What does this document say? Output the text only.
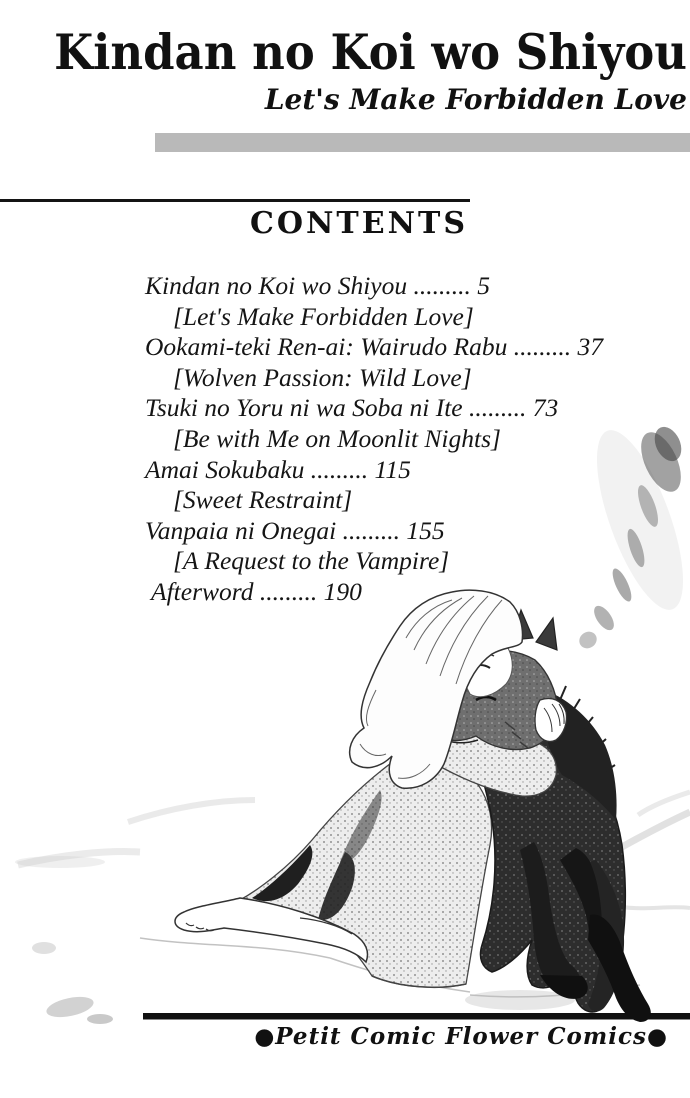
Kindan no Koi wo Shiyou
Let's Make Forbidden Love
CONTENTS
Kindan no Koi wo Shiyou ......... 5
[Let's Make Forbidden Love]
Ookami-teki Ren-ai: Wairudo Rabu ......... 37
[Wolven Passion: Wild Love]
Tsuki no Yoru ni wa Soba ni Ite ......... 73
[Be with Me on Moonlit Nights]
Amai Sokubaku ......... 115
[Sweet Restraint]
Vanpaia ni Onegai ......... 155
[A Request to the Vampire]
Afterword ......... 190
●Petit Comic Flower Comics●
